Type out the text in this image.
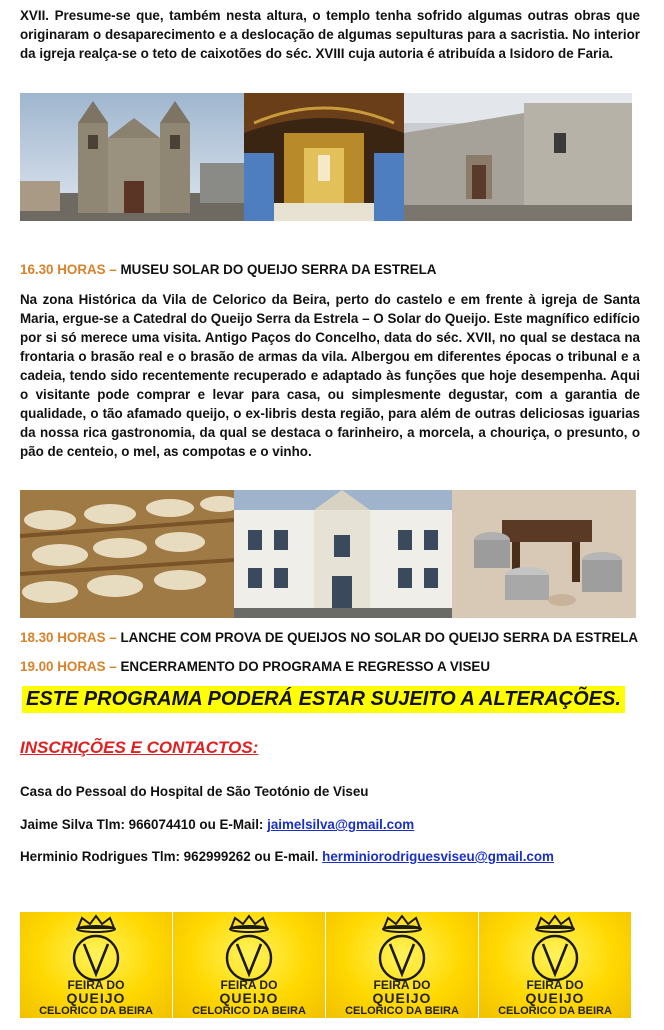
XVII. Presume-se que, também nesta altura, o templo tenha sofrido algumas outras obras que originaram o desaparecimento e a deslocação de algumas sepulturas para a sacristia. No interior da igreja realça-se o teto de caixotões do séc. XVIII cuja autoria é atribuída a Isidoro de Faria.

16.30 HORAS – MUSEU SOLAR DO QUEIJO SERRA DA ESTRELA

Na zona Histórica da Vila de Celorico da Beira, perto do castelo e em frente à igreja de Santa Maria, ergue-se a Catedral do Queijo Serra da Estrela – O Solar do Queijo. Este magnífico edifício por si só merece uma visita. Antigo Paços do Concelho, data do séc. XVII, no qual se destaca na frontaria o brasão real e o brasão de armas da vila. Albergou em diferentes épocas o tribunal e a cadeia, tendo sido recentemente recuperado e adaptado às funções que hoje desempenha. Aqui o visitante pode comprar e levar para casa, ou simplesmente degustar, com a garantia de qualidade, o tão afamado queijo, o ex-libris desta região, para além de outras deliciosas iguarias da nossa rica gastronomia, da qual se destaca o farinheiro, a morcela, a chouriça, o presunto, o pão de centeio, o mel, as compotas e o vinho.

18.30 HORAS – LANCHE COM PROVA DE QUEIJOS NO SOLAR DO QUEIJO SERRA DA ESTRELA
19.00 HORAS – ENCERRAMENTO DO PROGRAMA E REGRESSO A VISEU
ESTE PROGRAMA PODERÁ ESTAR SUJEITO A ALTERAÇÕES.
INSCRIÇÕES E CONTACTOS:
Casa do Pessoal do Hospital de São Teotónio de Viseu
Jaime Silva Tlm: 966074410 ou E-Mail: jaimelsilva@gmail.com
Herminio Rodrigues Tlm: 962999262 ou E-mail. herminiorodriguesviseu@gmail.com
FEIRA DO
QUEIJO
CELORICO DA BEIRA
FEIRA DO
QUEIJO
CELORICO DA BEIRA
FEIRA DO
QUEIJO
CELORICO DA BEIRA
FEIRA DO
QUEIJO
CELORICO DA BEIRA
